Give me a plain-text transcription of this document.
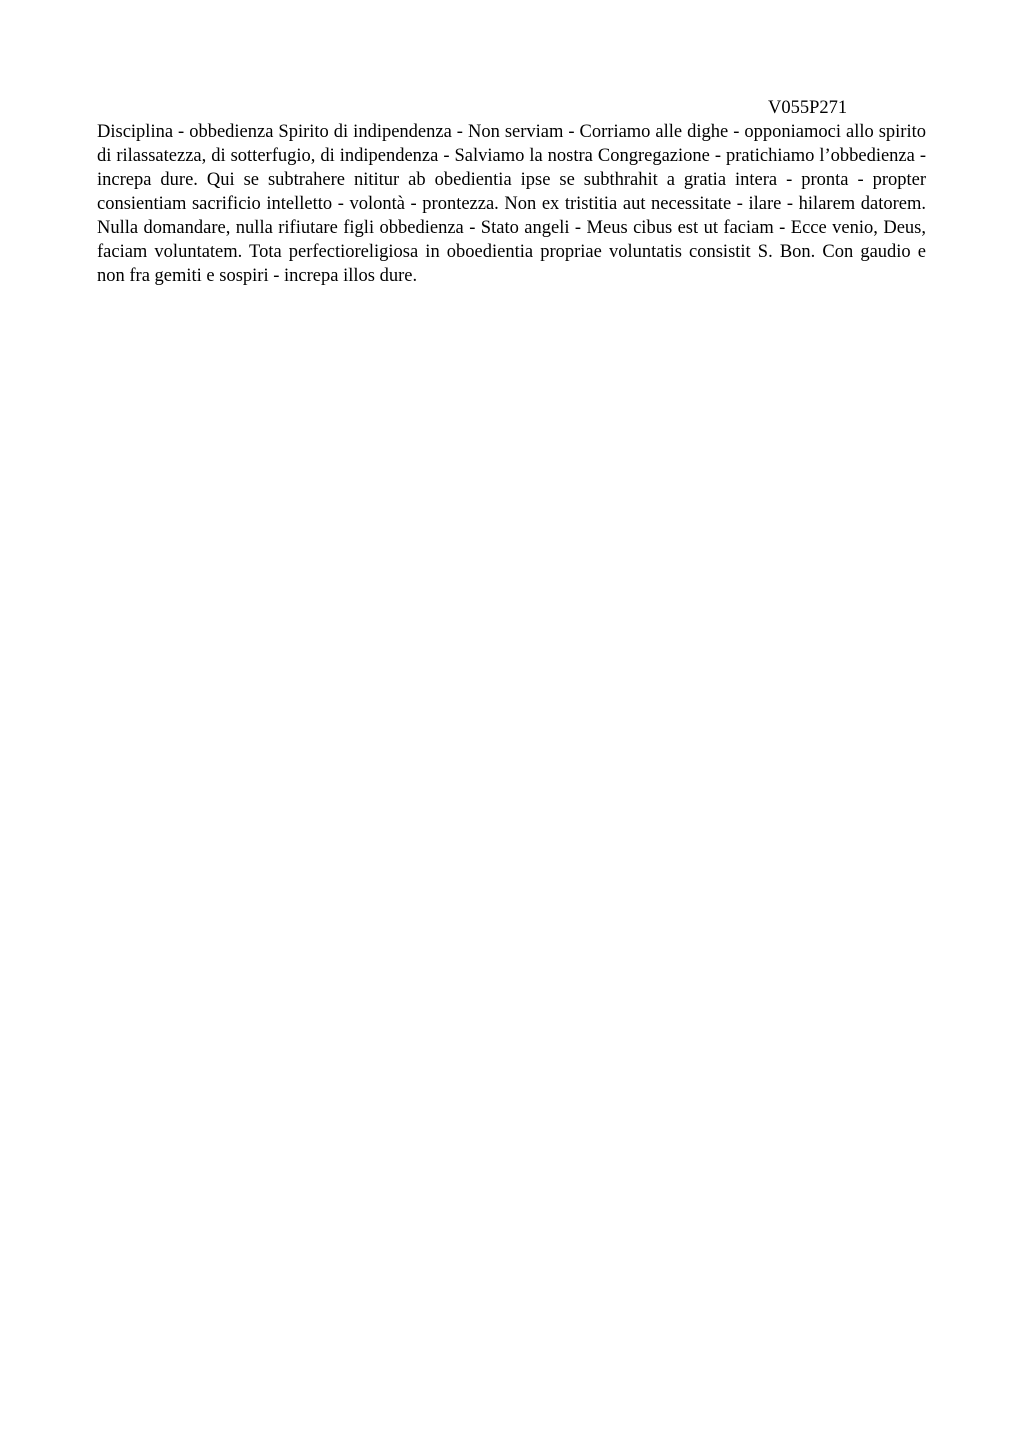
V055P271

Disciplina - obbedienza Spirito di indipendenza - Non serviam - Corriamo alle dighe - opponiamoci allo spirito di rilassatezza, di sotterfugio, di indipendenza - Salviamo la nostra Congregazione - pratichiamo l’obbedienza - increpa dure. Qui se subtrahere nititur ab obedientia ipse se subthrahit a gratia intera - pronta - propter consientiam sacrificio intelletto - volontà - prontezza. Non ex tristitia aut necessitate - ilare - hilarem datorem. Nulla domandare, nulla rifiutare figli obbedienza - Stato angeli - Meus cibus est ut faciam - Ecce venio, Deus, faciam voluntatem. Tota perfectioreligiosa in oboedientia propriae voluntatis consistit S. Bon. Con gaudio e non fra gemiti e sospiri - increpa illos dure.
